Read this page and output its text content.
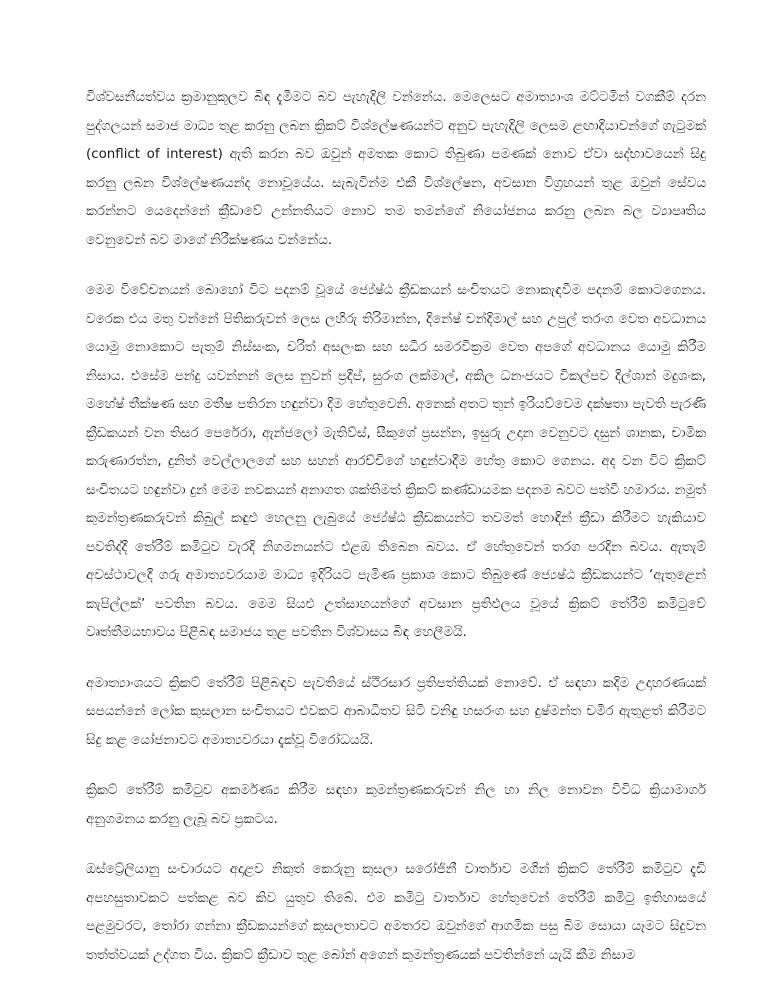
විශ්වසනීයත්වය ක්‍රමානුකූලව බිඳ දැමීමට බව පැහැදිලි වන්නේය. මෙලෙසට අමාත්‍යාංශ මට්ටමින් වගකීම් දරන පුද්ගලයන් සමාජ මාධ්‍ය තුළ කරනු ලබන ක්‍රිකට් විශ්ලේෂණයන්ට අනුව පැහැදිලි ලෙසම ළඟාදියාවන්ගේ ගැටුමක් (conflict of interest) ඇති කරන බව ඔවුන් අමතක කොට තිබුණා පමණක් නොව ඒවා සද්භාවයෙන් සිදු කරනු ලබන විශ්ලේෂණයන්ද නොවූයේය. සැබැවින්ම එකී විශ්ලේෂන, අවසාන විග්‍රහයන් තුළ ඔවුන් සේවය කරන්නට යෙදෙන්නේ ක්‍රීඩාවේ උන්නතියට නොව තම තමන්ගේ නියෝජනය කරනු ලබන බල ව්‍යාපෘතිය වෙනුවෙන් බව මාගේ නිරීක්ෂණය වන්නේය.

මෙම විවේචනයන් බොහෝ විට පදනම් වූයේ ජ්‍යේෂ්ඨ ක්‍රීඩකයන් සංචිතයට නොකැඳවීම පදනම් කොටගෙනය. වරෙක එය මතු වන්නේ පිතිකරුවන් ලෙස ලහිරු තිරිමාන්න, දිනේෂ් චන්දිමාල් සහ උපුල් තරංග වෙත අවධානය යොමු නොකොට පැතුම් නිස්සංක, චරිත් අසලංක සහ සධීර සමරවික්‍රම වෙත අපගේ අවධානය යොමු කිරීම නිසාය. එසේම පන්දු යවන්නන් ලෙස නුවන් ප්‍රදීප්, සුරංග ලක්මාල්, අකිල ධනංජයට විකල්පව දිල්ශාන් මදුශංක, මහේෂ් තීක්ෂණ සහ මතීෂ පතිරන හඳුන්වා දීම හේතුවෙනි. අනෙක් අතට තුන් ඉරියව්වෙම දක්ෂතා පැවති පැරණි ක්‍රීඩකයන් වන තිසර පෙරේරා, ඇන්ජලෝ මැතිව්ස්, සීකුගේ ප්‍රසන්න, ඉසුරු උදාන වෙනුවට දසුන් ශානක, චාමික කරුණාරත්න, දුනිත් වෙල්ලාලගේ සහ සහන් ආරච්චිගේ හඳුන්වාදීම හේතු කොට ගෙනය. අද වන විට ක්‍රිකට් සංචිතයට හඳුන්වා දුන් මෙම නවකයන් අනාගත ශක්තිමත් ක්‍රිකට් කණ්ඩායමක පදනම බවට පත්වී හමාරය. නමුත් කුමන්ත්‍රණකරුවන් කිබුල් කඳුළු හෙලනු ලැබුයේ ජ්‍යේෂ්ඨ ක්‍රීඩකයන්ට තවමත් හොඳින් ක්‍රීඩා කිරීමට හැකියාව පවතිද්දී තේරීම් කමිටුව වැරදි නිගමනයන්ට එළඹ තිබෙන බවය. ඒ හේතුවෙන් තරග පරදින බවය. ඇතැම් අවස්ථාවලදී ගරු අමාත්‍යවරයාම මාධ්‍ය ඉදිරියට පැමිණ ප්‍රකාශ කොට තිබුණේ ජ්‍යෙෂ්ඨ ක්‍රීඩකයන්ට ‘ඇතුළෙන් කැපිල්ලක්’ පවතින බවය. මෙම සියළු උත්සාහයන්ගේ අවසාන ප්‍රතිඵලය වූයේ ක්‍රිකට් තේරීම් කමිටුවේ වෘත්තීමයභාවය පිළිබඳ සමාජය තුළ පවතින විශ්වාසය බිඳ හෙලීමයි.

අමාත්‍යාංශයට ක්‍රිකට් තේරීම් පිළිබඳව පැවතියේ ස්ථිරසාර ප්‍රතිපත්තියක් නොවේ. ඒ සඳහා කදිම උදාහරණයක් සපයන්නේ ලෝක කුසලාන සංචිතයට එවකට ආබාධිතව සිටි වනිඳු හසරංග සහ දුෂ්මන්ත චමීර ඇතුළත් කිරීමට සිදු කළ යෝජනාවට අමාත්‍යවරයා දැක්වූ විරෝධයයි.

ක්‍රිකට් තේරීම් කමිටුව අකර්මණ්‍ය කිරීම සඳහා කුමන්ත්‍රණකරුවන් නිල හා නිල නොවන විවිධ ක්‍රියාමාර්ග අනුගමනය කරනු ලැබූ බව ප්‍රකටය.

ඔස්ට්‍රේලියානු සංචාරයට අදාළව නිකුත් කෙරුනු කුසලා සරෝජිනී වාර්තාව මගින් ක්‍රිකට් තේරීම් කමිටුව දැඩි අපහසුතාවකට පත්කළ බව කිව යුතුව තිබේ. එම කමිටු වාර්තාව හේතුවෙන් තේරීම් කමිටු ඉතිහාසයේ පළමුවරට, තෝරා ගන්නා ක්‍රීඩකයන්ගේ කුසලතාවට අමතරව ඔවුන්ගේ ආගමික පසු බිම සොයා යෑමට සිදුවන තත්ත්වයක් උද්ගත විය. ක්‍රිකට් ක්‍රීඩාව තුළ බෝන් අගෙන් කුමන්ත්‍රණයක් පවතින්නේ යැයි කීම නිසාම
